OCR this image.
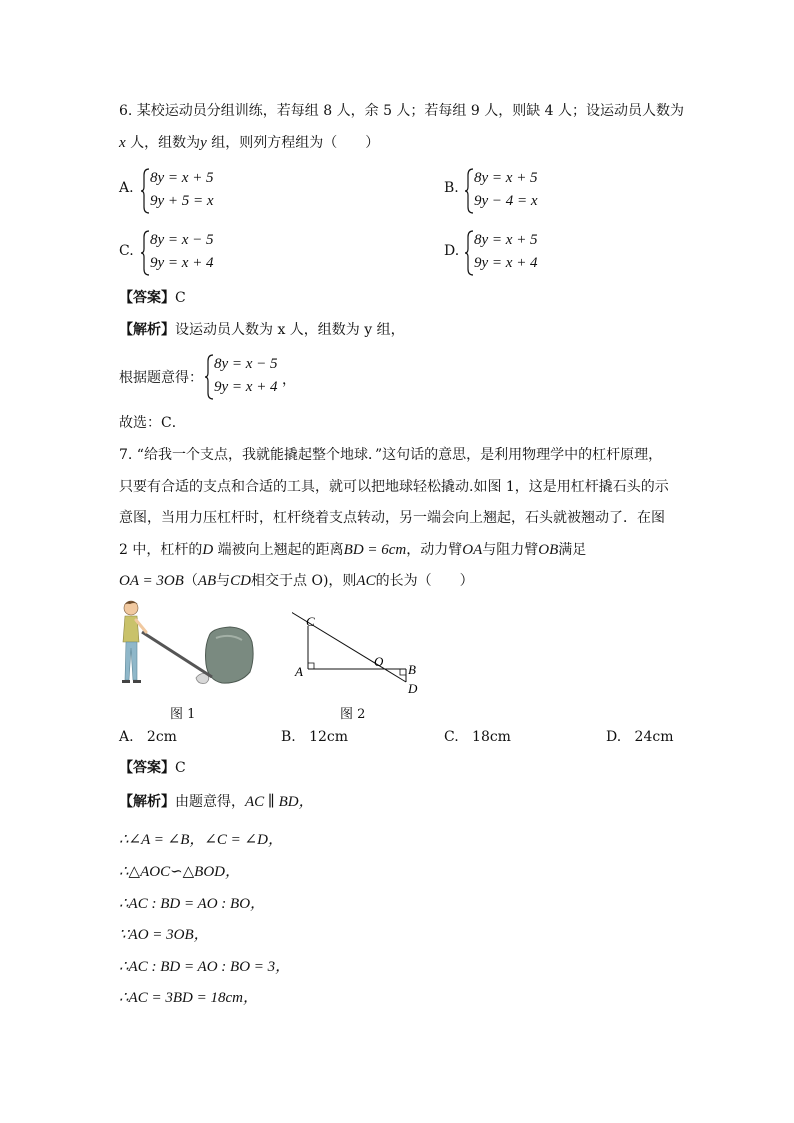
6. 某校运动员分组训练，若每组 8 人，余 5 人；若每组 9 人，则缺 4 人；设运动员人数为
x 人，组数为y 组，则列方程组为（　　）
A.
8y = x + 5
9y + 5 = x
B.
8y = x + 5
9y − 4 = x
C.
8y = x − 5
9y = x + 4
D.
8y = x + 5
9y = x + 4
【答案】C
【解析】设运动员人数为 x 人，组数为 y 组，
根据题意得：
8y = x − 5
9y = x + 4 ，
故选：C．
7. “给我一个支点，我就能撬起整个地球．”这句话的意思，是利用物理学中的杠杆原理，
只要有合适的支点和合适的工具，就可以把地球轻松撬动.如图 1，这是用杠杆撬石头的示
意图，当用力压杠杆时，杠杆绕着支点转动，另一端会向上翘起，石头就被翘动了．在图
2 中，杠杆的D 端被向上翘起的距离BD = 6cm，动力臂OA与阻力臂OB满足
OA = 3OB（AB与CD相交于点 O)，则AC的长为（　　）
图 1
C
A
O
B
D
图 2
A. 2cm	B. 12cm	C. 18cm	D. 24cm
【答案】C
【解析】由题意得，AC ∥ BD，
∴∠A = ∠B，∠C = ∠D，
∴△AOC∽△BOD，
∴AC : BD = AO : BO，
∵AO = 3OB，
∴AC : BD = AO : BO = 3，
∴AC = 3BD = 18cm，
